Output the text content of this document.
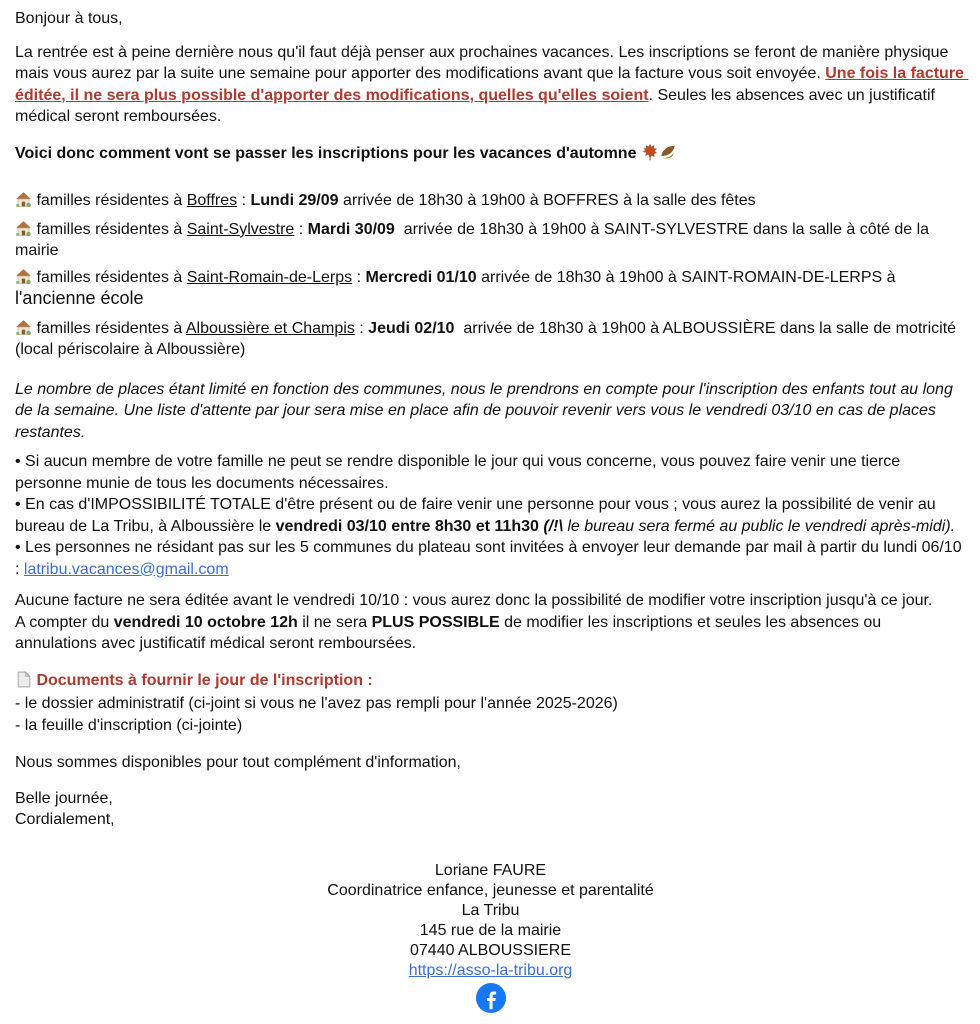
Bonjour à tous,
La rentrée est à peine dernière nous qu'il faut déjà penser aux prochaines vacances. Les inscriptions se feront de manière physique mais vous aurez par la suite une semaine pour apporter des modifications avant que la facture vous soit envoyée. Une fois la facture éditée, il ne sera plus possible d'apporter des modifications, quelles qu'elles soient. Seules les absences avec un justificatif médical seront remboursées.
Voici donc comment vont se passer les inscriptions pour les vacances d'automne
familles résidentes à Boffres : Lundi 29/09 arrivée de 18h30 à 19h00 à BOFFRES à la salle des fêtes
familles résidentes à Saint-Sylvestre : Mardi 30/09  arrivée de 18h30 à 19h00 à SAINT-SYLVESTRE dans la salle à côté de la mairie
familles résidentes à Saint-Romain-de-Lerps : Mercredi 01/10 arrivée de 18h30 à 19h00 à SAINT-ROMAIN-DE-LERPS à l'ancienne école
familles résidentes à Alboussière et Champis : Jeudi 02/10  arrivée de 18h30 à 19h00 à ALBOUSSIÈRE dans la salle de motricité (local périscolaire à Alboussière)
Le nombre de places étant limité en fonction des communes, nous le prendrons en compte pour l'inscription des enfants tout au long de la semaine. Une liste d'attente par jour sera mise en place afin de pouvoir revenir vers vous le vendredi 03/10 en cas de places restantes.
• Si aucun membre de votre famille ne peut se rendre disponible le jour qui vous concerne, vous pouvez faire venir une tierce personne munie de tous les documents nécessaires.
• En cas d'IMPOSSIBILITÉ TOTALE d'être présent ou de faire venir une personne pour vous ; vous aurez la possibilité de venir au bureau de La Tribu, à Alboussière le vendredi 03/10 entre 8h30 et 11h30 (/!\ le bureau sera fermé au public le vendredi après-midi).
• Les personnes ne résidant pas sur les 5 communes du plateau sont invitées à envoyer leur demande par mail à partir du lundi 06/10 : latribu.vacances@gmail.com
Aucune facture ne sera éditée avant le vendredi 10/10 : vous aurez donc la possibilité de modifier votre inscription jusqu'à ce jour.
A compter du vendredi 10 octobre 12h il ne sera PLUS POSSIBLE de modifier les inscriptions et seules les absences ou annulations avec justificatif médical seront remboursées.
Documents à fournir le jour de l'inscription :
- le dossier administratif (ci-joint si vous ne l'avez pas rempli pour l'année 2025-2026)
- la feuille d'inscription (ci-jointe)
Nous sommes disponibles pour tout complément d'information,
Belle journée,
Cordialement,
Loriane FAURE
Coordinatrice enfance, jeunesse et parentalité
La Tribu
145 rue de la mairie
07440 ALBOUSSIERE
https://asso-la-tribu.org
